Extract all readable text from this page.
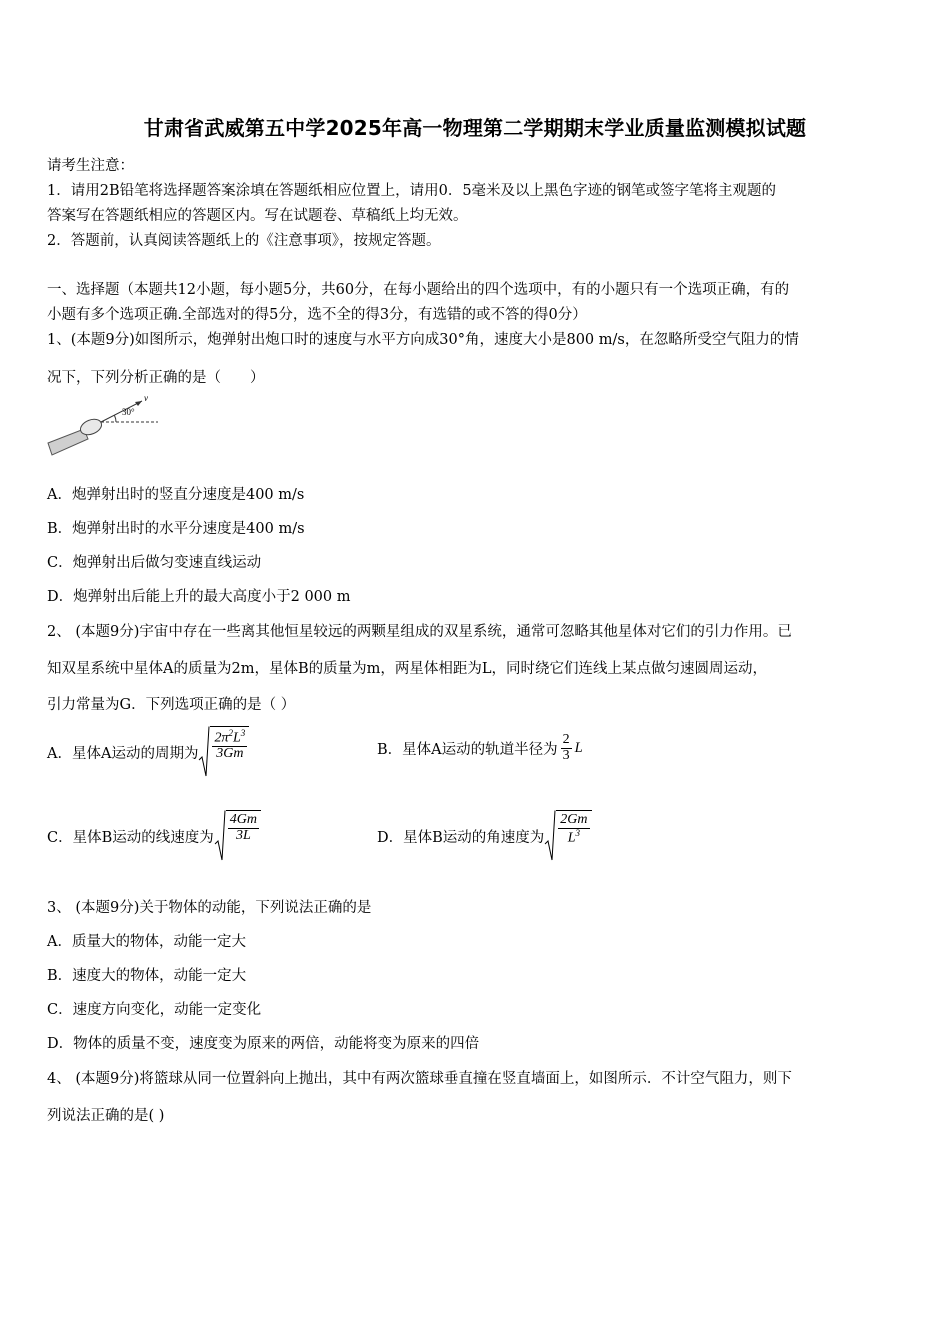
甘肃省武威第五中学2025年高一物理第二学期期末学业质量监测模拟试题
请考生注意：
1．请用2B铅笔将选择题答案涂填在答题纸相应位置上，请用0．5毫米及以上黑色字迹的钢笔或签字笔将主观题的
答案写在答题纸相应的答题区内。写在试题卷、草稿纸上均无效。
2．答题前，认真阅读答题纸上的《注意事项》，按规定答题。
一、选择题（本题共12小题，每小题5分，共60分，在每小题给出的四个选项中，有的小题只有一个选项正确，有的
小题有多个选项正确.全部选对的得5分，选不全的得3分，有选错的或不答的得0分）
1、(本题9分)如图所示，炮弹射出炮口时的速度与水平方向成30°角，速度大小是800 m/s，在忽略所受空气阻力的情
况下，下列分析正确的是（　　）
30°
v
A．炮弹射出时的竖直分速度是400 m/s
B．炮弹射出时的水平分速度是400 m/s
C．炮弹射出后做匀变速直线运动
D．炮弹射出后能上升的最大高度小于2 000 m
2、 (本题9分)宇宙中存在一些离其他恒星较远的两颗星组成的双星系统，通常可忽略其他星体对它们的引力作用。已
知双星系统中星体A的质量为2m，星体B的质量为m，两星体相距为L，同时绕它们连线上某点做匀速圆周运动，
引力常量为G．下列选项正确的是（ ）
A．星体A运动的周期为 $\frac{2\pi^2L^3}{3Gm}$	B．星体A运动的轨道半径为 $\frac{2}{3}$ L
C．星体B运动的线速度为 $\frac{4Gm}{3L}$	D．星体B运动的角速度为 $\frac{2Gm}{L^3}$
3、 (本题9分)关于物体的动能，下列说法正确的是
A．质量大的物体，动能一定大
B．速度大的物体，动能一定大
C．速度方向变化，动能一定变化
D．物体的质量不变，速度变为原来的两倍，动能将变为原来的四倍
4、 (本题9分)将篮球从同一位置斜向上抛出，其中有两次篮球垂直撞在竖直墙面上，如图所示．不计空气阻力，则下
列说法正确的是( )
